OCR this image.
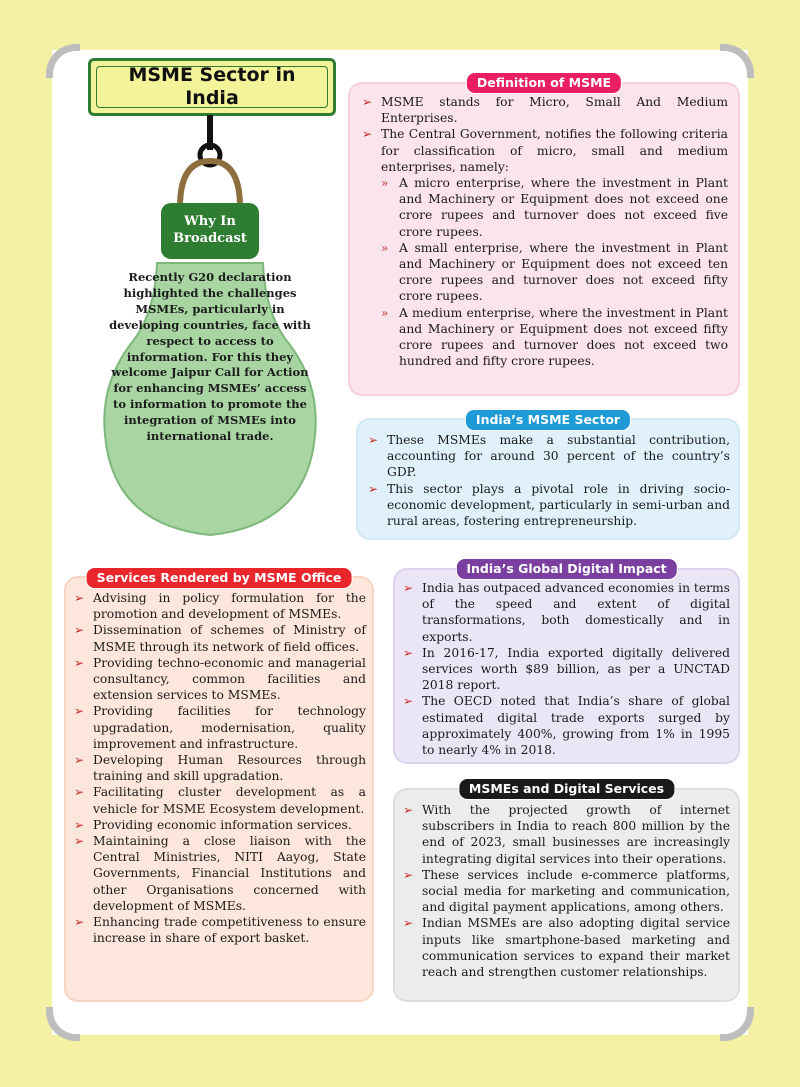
MSME Sector in India
Why In Broadcast
Recently G20 declaration highlighted the challenges MSMEs, particularly in developing countries, face with respect to access to information. For this they welcome Jaipur Call for Action for enhancing MSMEs’ access to information to promote the integration of MSMEs into international trade.
Definition of MSME
➢ MSME stands for Micro, Small And Medium Enterprises.
➢ The Central Government, notifies the following criteria for classification of micro, small and medium enterprises, namely:
» A micro enterprise, where the investment in Plant and Machinery or Equipment does not exceed one crore rupees and turnover does not exceed five crore rupees.
» A small enterprise, where the investment in Plant and Machinery or Equipment does not exceed ten crore rupees and turnover does not exceed fifty crore rupees.
» A medium enterprise, where the investment in Plant and Machinery or Equipment does not exceed fifty crore rupees and turnover does not exceed two hundred and fifty crore rupees.
India’s MSME Sector
➢ These MSMEs make a substantial contribution, accounting for around 30 percent of the country’s GDP.
➢ This sector plays a pivotal role in driving socio-economic development, particularly in semi-urban and rural areas, fostering entrepreneurship.
Services Rendered by MSME Office
➢ Advising in policy formulation for the promotion and development of MSMEs.
➢ Dissemination of schemes of Ministry of MSME through its network of field offices.
➢ Providing techno-economic and managerial consultancy, common facilities and extension services to MSMEs.
➢ Providing facilities for technology upgradation, modernisation, quality improvement and infrastructure.
➢ Developing Human Resources through training and skill upgradation.
➢ Facilitating cluster development as a vehicle for MSME Ecosystem development.
➢ Providing economic information services.
➢ Maintaining a close liaison with the Central Ministries, NITI Aayog, State Governments, Financial Institutions and other Organisations concerned with development of MSMEs.
➢ Enhancing trade competitiveness to ensure increase in share of export basket.
India’s Global Digital Impact
➢ India has outpaced advanced economies in terms of the speed and extent of digital transformations, both domestically and in exports.
➢ In 2016-17, India exported digitally delivered services worth $89 billion, as per a UNCTAD 2018 report.
➢ The OECD noted that India’s share of global estimated digital trade exports surged by approximately 400%, growing from 1% in 1995 to nearly 4% in 2018.
MSMEs and Digital Services
➢ With the projected growth of internet subscribers in India to reach 800 million by the end of 2023, small businesses are increasingly integrating digital services into their operations.
➢ These services include e-commerce platforms, social media for marketing and communication, and digital payment applications, among others.
➢ Indian MSMEs are also adopting digital service inputs like smartphone-based marketing and communication services to expand their market reach and strengthen customer relationships.
